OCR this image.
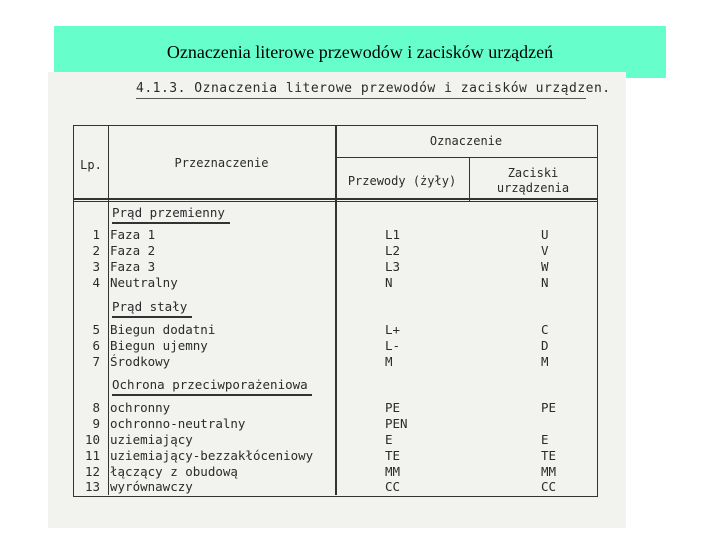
Oznaczenia literowe przewodów i zacisków urządzeń
4.1.3. Oznaczenia literowe przewodów i zacisków urządzen.
Lp.	Przeznaczenie
Oznaczenie
Przewody (żyły)
Zaciski
urządzenia
Prąd przemienny
1 Faza 1	L1	U
2 Faza 2	L2	V
3 Faza 3	L3	W
4 Neutralny	N	N
Prąd stały
5 Biegun dodatni	L+	C
6 Biegun ujemny	L-	D
7 Środkowy	M	M
Ochrona przeciwporażeniowa
8 ochronny	PE	PE
9 ochronno-neutralny	PEN
10 uziemiający	E	E
11 uziemiający-bezzakłóceniowy	TE	TE
12 łączący z obudową	MM	MM
13 wyrównawczy	CC	CC
